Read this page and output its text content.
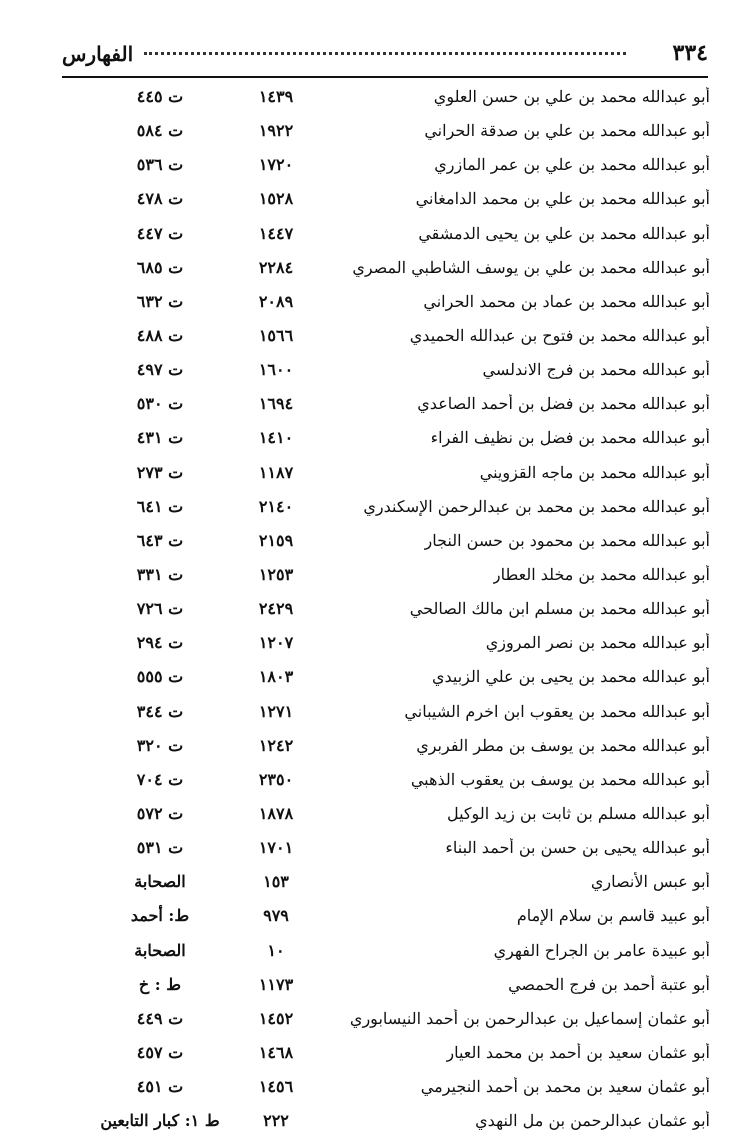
٣٣٤
الفهارس
أبو عبدالله محمد بن علي بن حسن العلوي
١٤٣٩
ت ٤٤٥
أبو عبدالله محمد بن علي بن صدقة الحراني
١٩٢٢
ت ٥٨٤
أبو عبدالله محمد بن علي بن عمر المازري
١٧٢٠
ت ٥٣٦
أبو عبدالله محمد بن علي بن محمد الدامغاني
١٥٢٨
ت ٤٧٨
أبو عبدالله محمد بن علي بن يحيى الدمشقي
١٤٤٧
ت ٤٤٧
أبو عبدالله محمد بن علي بن يوسف الشاطبي المصري
٢٢٨٤
ت ٦٨٥
أبو عبدالله محمد بن عماد بن محمد الحراني
٢٠٨٩
ت ٦٣٢
أبو عبدالله محمد بن فتوح بن عبدالله الحميدي
١٥٦٦
ت ٤٨٨
أبو عبدالله محمد بن فرج الاندلسي
١٦٠٠
ت ٤٩٧
أبو عبدالله محمد بن فضل بن أحمد الصاعدي
١٦٩٤
ت ٥٣٠
أبو عبدالله محمد بن فضل بن نظيف الفراء
١٤١٠
ت ٤٣١
أبو عبدالله محمد بن ماجه القزويني
١١٨٧
ت ٢٧٣
أبو عبدالله محمد بن محمد بن عبدالرحمن الإسكندري
٢١٤٠
ت ٦٤١
أبو عبدالله محمد بن محمود بن حسن النجار
٢١٥٩
ت ٦٤٣
أبو عبدالله محمد بن مخلد العطار
١٢٥٣
ت ٣٣١
أبو عبدالله محمد بن مسلم ابن مالك الصالحي
٢٤٢٩
ت ٧٢٦
أبو عبدالله محمد بن نصر المروزي
١٢٠٧
ت ٢٩٤
أبو عبدالله محمد بن يحيى بن علي الزبيدي
١٨٠٣
ت ٥٥٥
أبو عبدالله محمد بن يعقوب ابن اخرم الشيباني
١٢٧١
ت ٣٤٤
أبو عبدالله محمد بن يوسف بن مطر الفربري
١٢٤٢
ت ٣٢٠
أبو عبدالله محمد بن يوسف بن يعقوب الذهبي
٢٣٥٠
ت ٧٠٤
أبو عبدالله مسلم بن ثابت بن زيد الوكيل
١٨٧٨
ت ٥٧٢
أبو عبدالله يحيى بن حسن بن أحمد البناء
١٧٠١
ت ٥٣١
أبو عبس الأنصاري
١٥٣
الصحابة
أبو عبيد قاسم بن سلام الإمام
٩٧٩
ط: أحمد
أبو عبيدة عامر بن الجراح الفهري
١٠
الصحابة
أبو عتبة أحمد بن فرج الحمصي
١١٧٣
ط : خ
أبو عثمان إسماعيل بن عبدالرحمن بن أحمد النيسابوري
١٤٥٢
ت ٤٤٩
أبو عثمان سعيد بن أحمد بن محمد العيار
١٤٦٨
ت ٤٥٧
أبو عثمان سعيد بن محمد بن أحمد النجيرمي
١٤٥٦
ت ٤٥١
أبو عثمان عبدالرحمن بن مل النهدي
٢٢٢
ط ١: كبار التابعين
